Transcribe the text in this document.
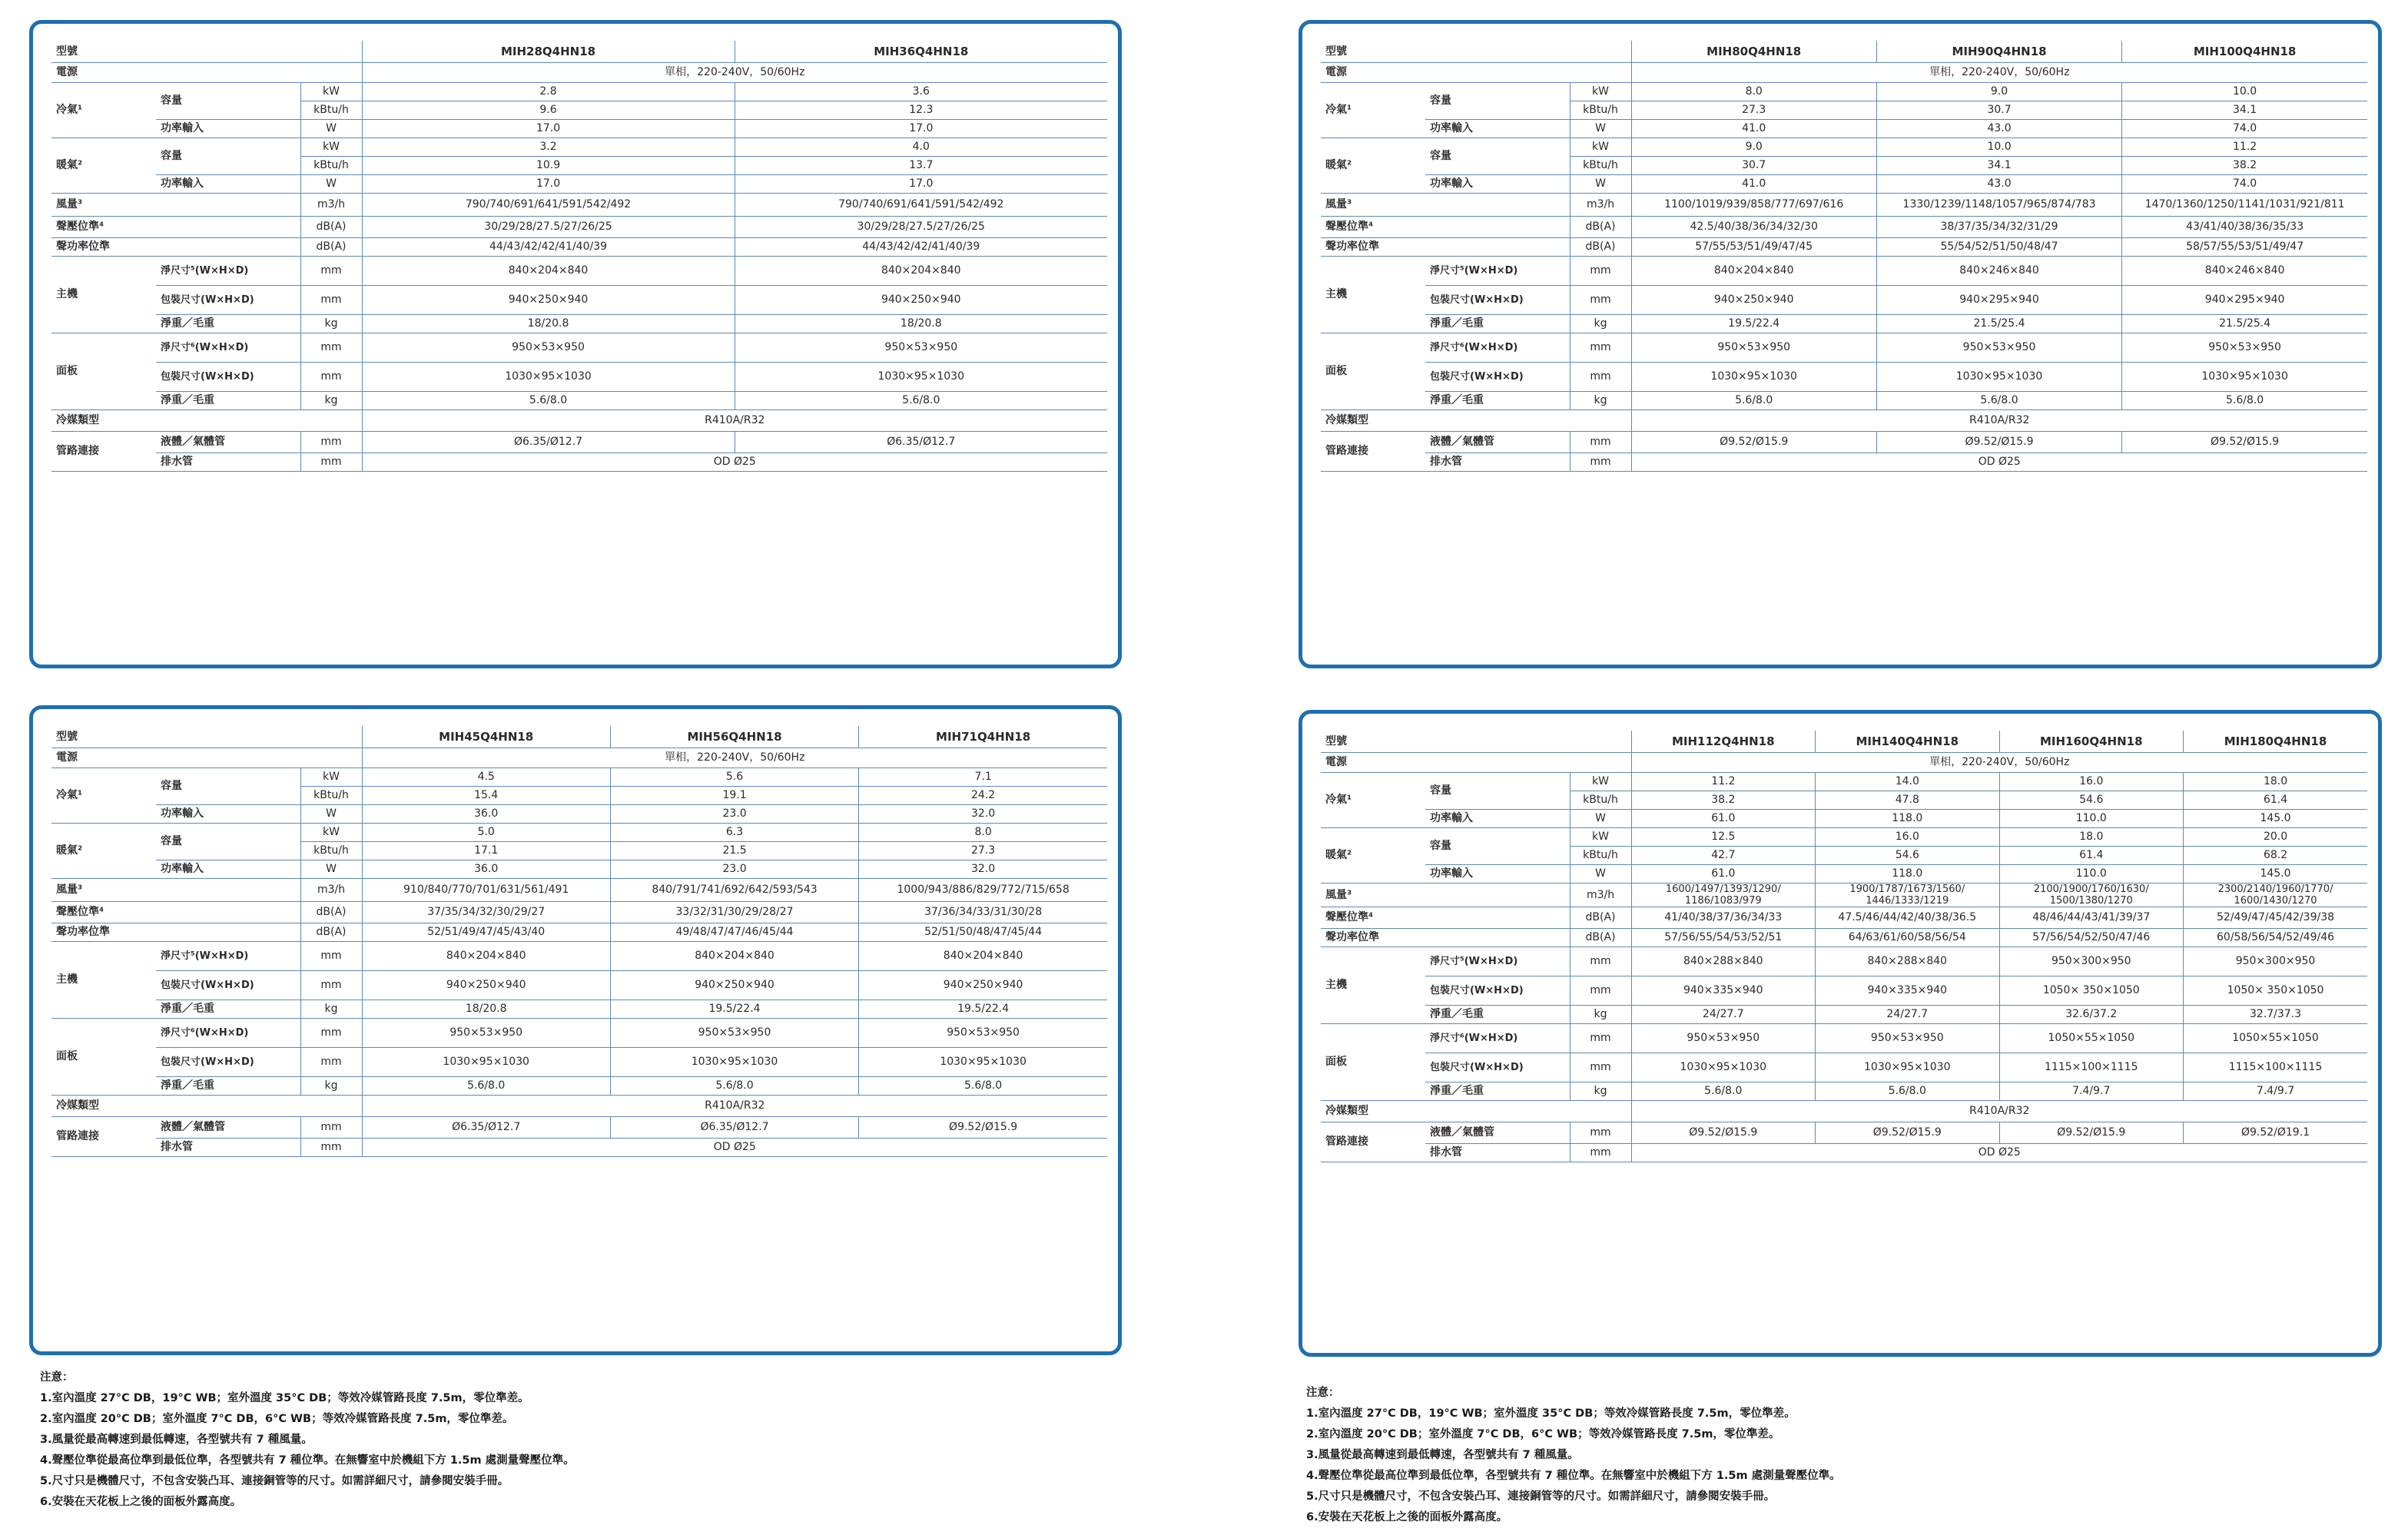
型號			MIH28Q4HN18	MIH36Q4HN18
電源			單相，220-240V，50/60Hz	
冷氣¹	容量	kW	2.8	3.6
		kBtu/h	9.6	12.3
	功率輸入	W	17.0	17.0
暖氣²	容量	kW	3.2	4.0
		kBtu/h	10.9	13.7
	功率輸入	W	17.0	17.0
風量³		m3/h	790/740/691/641/591/542/492	790/740/691/641/591/542/492
聲壓位準⁴		dB(A)	30/29/28/27.5/27/26/25	30/29/28/27.5/27/26/25
聲功率位準		dB(A)	44/43/42/42/41/40/39	44/43/42/42/41/40/39
主機	淨尺寸⁵(W×H×D)	mm	840×204×840	840×204×840
	包裝尺寸(W×H×D)	mm	940×250×940	940×250×940
	淨重／毛重	kg	18/20.8	18/20.8
面板	淨尺寸⁶(W×H×D)	mm	950×53×950	950×53×950
	包裝尺寸(W×H×D)	mm	1030×95×1030	1030×95×1030
	淨重／毛重	kg	5.6/8.0	5.6/8.0
冷媒類型			R410A/R32	
管路連接	液體／氣體管	mm	Ø6.35/Ø12.7	Ø6.35/Ø12.7
	排水管	mm	OD Ø25	
型號			MIH80Q4HN18	MIH90Q4HN18	MIH100Q4HN18
電源			單相，220-240V，50/60Hz		
冷氣¹	容量	kW	8.0	9.0	10.0
		kBtu/h	27.3	30.7	34.1
	功率輸入	W	41.0	43.0	74.0
暖氣²	容量	kW	9.0	10.0	11.2
		kBtu/h	30.7	34.1	38.2
	功率輸入	W	41.0	43.0	74.0
風量³		m3/h	1100/1019/939/858/777/697/616	1330/1239/1148/1057/965/874/783	1470/1360/1250/1141/1031/921/811
聲壓位準⁴		dB(A)	42.5/40/38/36/34/32/30	38/37/35/34/32/31/29	43/41/40/38/36/35/33
聲功率位準		dB(A)	57/55/53/51/49/47/45	55/54/52/51/50/48/47	58/57/55/53/51/49/47
主機	淨尺寸⁵(W×H×D)	mm	840×204×840	840×246×840	840×246×840
	包裝尺寸(W×H×D)	mm	940×250×940	940×295×940	940×295×940
	淨重／毛重	kg	19.5/22.4	21.5/25.4	21.5/25.4
面板	淨尺寸⁶(W×H×D)	mm	950×53×950	950×53×950	950×53×950
	包裝尺寸(W×H×D)	mm	1030×95×1030	1030×95×1030	1030×95×1030
	淨重／毛重	kg	5.6/8.0	5.6/8.0	5.6/8.0
冷媒類型			R410A/R32		
管路連接	液體／氣體管	mm	Ø9.52/Ø15.9	Ø9.52/Ø15.9	Ø9.52/Ø15.9
	排水管	mm	OD Ø25		
型號			MIH45Q4HN18	MIH56Q4HN18	MIH71Q4HN18
電源			單相，220-240V，50/60Hz		
冷氣¹	容量	kW	4.5	5.6	7.1
		kBtu/h	15.4	19.1	24.2
	功率輸入	W	36.0	23.0	32.0
暖氣²	容量	kW	5.0	6.3	8.0
		kBtu/h	17.1	21.5	27.3
	功率輸入	W	36.0	23.0	32.0
風量³		m3/h	910/840/770/701/631/561/491	840/791/741/692/642/593/543	1000/943/886/829/772/715/658
聲壓位準⁴		dB(A)	37/35/34/32/30/29/27	33/32/31/30/29/28/27	37/36/34/33/31/30/28
聲功率位準		dB(A)	52/51/49/47/45/43/40	49/48/47/47/46/45/44	52/51/50/48/47/45/44
主機	淨尺寸⁵(W×H×D)	mm	840×204×840	840×204×840	840×204×840
	包裝尺寸(W×H×D)	mm	940×250×940	940×250×940	940×250×940
	淨重／毛重	kg	18/20.8	19.5/22.4	19.5/22.4
面板	淨尺寸⁶(W×H×D)	mm	950×53×950	950×53×950	950×53×950
	包裝尺寸(W×H×D)	mm	1030×95×1030	1030×95×1030	1030×95×1030
	淨重／毛重	kg	5.6/8.0	5.6/8.0	5.6/8.0
冷媒類型			R410A/R32		
管路連接	液體／氣體管	mm	Ø6.35/Ø12.7	Ø6.35/Ø12.7	Ø9.52/Ø15.9
	排水管	mm	OD Ø25		
型號			MIH112Q4HN18	MIH140Q4HN18	MIH160Q4HN18	MIH180Q4HN18
電源			單相，220-240V，50/60Hz			
冷氣¹	容量	kW	11.2	14.0	16.0	18.0
		kBtu/h	38.2	47.8	54.6	61.4
	功率輸入	W	61.0	118.0	110.0	145.0
暖氣²	容量	kW	12.5	16.0	18.0	20.0
		kBtu/h	42.7	54.6	61.4	68.2
	功率輸入	W	61.0	118.0	110.0	145.0
風量³		m3/h	1600/1497/1393/1290/ 1186/1083/979	1900/1787/1673/1560/ 1446/1333/1219	2100/1900/1760/1630/ 1500/1380/1270	2300/2140/1960/1770/ 1600/1430/1270
聲壓位準⁴		dB(A)	41/40/38/37/36/34/33	47.5/46/44/42/40/38/36.5	48/46/44/43/41/39/37	52/49/47/45/42/39/38
聲功率位準		dB(A)	57/56/55/54/53/52/51	64/63/61/60/58/56/54	57/56/54/52/50/47/46	60/58/56/54/52/49/46
主機	淨尺寸⁵(W×H×D)	mm	840×288×840	840×288×840	950×300×950	950×300×950
	包裝尺寸(W×H×D)	mm	940×335×940	940×335×940	1050× 350×1050	1050× 350×1050
	淨重／毛重	kg	24/27.7	24/27.7	32.6/37.2	32.7/37.3
面板	淨尺寸⁶(W×H×D)	mm	950×53×950	950×53×950	1050×55×1050	1050×55×1050
	包裝尺寸(W×H×D)	mm	1030×95×1030	1030×95×1030	1115×100×1115	1115×100×1115
	淨重／毛重	kg	5.6/8.0	5.6/8.0	7.4/9.7	7.4/9.7
冷媒類型			R410A/R32			
管路連接	液體／氣體管	mm	Ø9.52/Ø15.9	Ø9.52/Ø15.9	Ø9.52/Ø15.9	Ø9.52/Ø19.1
	排水管	mm	OD Ø25			
注意：
1.室內溫度 27°C DB，19°C WB；室外溫度 35°C DB；等效冷媒管路長度 7.5m，零位準差。
2.室內溫度 20°C DB；室外溫度 7°C DB，6°C WB；等效冷媒管路長度 7.5m，零位準差。
3.風量從最高轉速到最低轉速，各型號共有 7 種風量。
4.聲壓位準從最高位準到最低位準，各型號共有 7 種位準。在無響室中於機組下方 1.5m 處測量聲壓位準。
5.尺寸只是機體尺寸，不包含安裝凸耳、連接銅管等的尺寸。如需詳細尺寸，請參閱安裝手冊。
6.安裝在天花板上之後的面板外露高度。
注意：
1.室內溫度 27°C DB，19°C WB；室外溫度 35°C DB；等效冷媒管路長度 7.5m，零位準差。
2.室內溫度 20°C DB；室外溫度 7°C DB，6°C WB；等效冷媒管路長度 7.5m，零位準差。
3.風量從最高轉速到最低轉速，各型號共有 7 種風量。
4.聲壓位準從最高位準到最低位準，各型號共有 7 種位準。在無響室中於機組下方 1.5m 處測量聲壓位準。
5.尺寸只是機體尺寸，不包含安裝凸耳、連接銅管等的尺寸。如需詳細尺寸，請參閱安裝手冊。
6.安裝在天花板上之後的面板外露高度。
